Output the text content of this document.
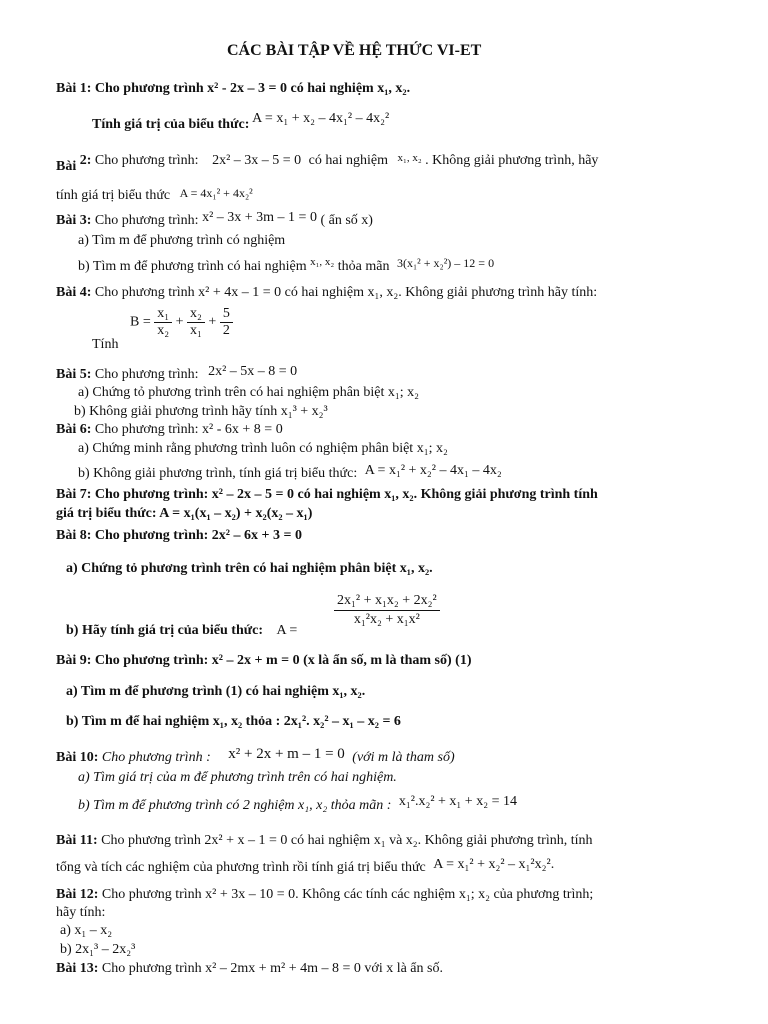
CÁC BÀI TẬP VỀ HỆ THỨC VI-ET
Bài 1: Cho phương trình x² - 2x – 3 = 0 có hai nghiệm x₁, x₂.
Tính giá trị của biểu thức: A = x₁ + x₂ – 4x₁² – 4x₂²
Bài 2: Cho phương trình: 2x² – 3x – 5 = 0 có hai nghiệm $^{x_1, x_2}$ . Không giải phương trình, hãy
tính giá trị biểu thức A = 4x₁² + 4x₂²
Bài 3: Cho phương trình: x² – 3x + 3m – 1 = 0 ( ẩn số x)
a) Tìm m để phương trình có nghiệm
b) Tìm m để phương trình có hai nghiệm $^{x_1, x_2}$ thỏa mãn 3(x₁² + x₂²) – 12 = 0
Bài 4: Cho phương trình x² + 4x – 1 = 0 có hai nghiệm x₁, x₂. Không giải phương trình hãy tính:
Tính
$B = \frac{\text{x₁}}{\text{x₂}} + \frac{\text{x₂}}{\text{x₁}} + \frac{5}{2}$
Bài 5: Cho phương trình: 2x² – 5x – 8 = 0
a) Chứng tỏ phương trình trên có hai nghiệm phân biệt x₁; x₂
b) Không giải phương trình hãy tính x₁³ + x₂³
Bài 6: Cho phương trình: x² - 6x + 8 = 0
a) Chứng minh rằng phương trình luôn có nghiệm phân biệt x₁; x₂
b) Không giải phương trình, tính giá trị biểu thức: A = x₁² + x₂² – 4x₁ – 4x₂
Bài 7: Cho phương trình: x² – 2x – 5 = 0 có hai nghiệm x₁, x₂. Không giải phương trình tính
giá trị biểu thức: A = x₁(x₁ – x₂) + x₂(x₂ – x₁)
Bài 8: Cho phương trình: 2x² – 6x + 3 = 0
a) Chứng tỏ phương trình trên có hai nghiệm phân biệt x₁, x₂.
$\frac{\text{2x₁² + x₁x₂ + 2x₂²}}{\text{x₁²x₂ + x₁x²}}$
b) Hãy tính giá trị của biểu thức: A =
Bài 9: Cho phương trình: x² – 2x + m = 0 (x là ẩn số, m là tham số) (1)
a) Tìm m để phương trình (1) có hai nghiệm x₁, x₂.
b) Tìm m để hai nghiệm x₁, x₂ thỏa : 2x₁². x₂² – x₁ – x₂ = 6
Bài 10: Cho phương trình : x² + 2x + m – 1 = 0 (với m là tham số)
a) Tìm giá trị của m để phương trình trên có hai nghiệm.
b) Tìm m để phương trình có 2 nghiệm x₁, x₂ thỏa mãn : x₁².x₂² + x₁ + x₂ = 14
Bài 11: Cho phương trình 2x² + x – 1 = 0 có hai nghiệm x₁ và x₂. Không giải phương trình, tính
tổng và tích các nghiệm của phương trình rồi tính giá trị biểu thức A = x₁² + x₂² – x₁²x₂².
Bài 12: Cho phương trình x² + 3x – 10 = 0. Không các tính các nghiệm x₁; x₂ của phương trình;
hãy tính:
a) x₁ – x₂
b) 2x₁³ – 2x₂³
Bài 13: Cho phương trình x² – 2mx + m² + 4m – 8 = 0 với x là ẩn số.
